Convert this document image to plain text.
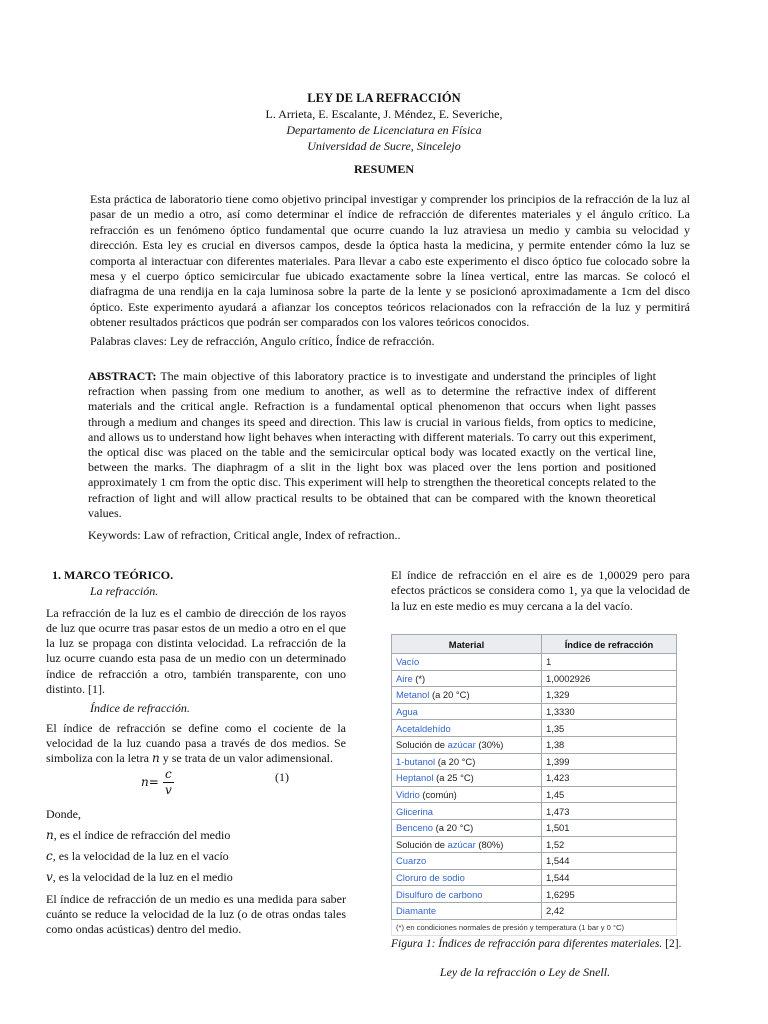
LEY DE LA REFRACCIÓN
L. Arrieta, E. Escalante, J. Méndez, E. Severiche,
Departamento de Licenciatura en Física
Universidad de Sucre, Sincelejo
RESUMEN
Esta práctica de laboratorio tiene como objetivo principal investigar y comprender los principios de la refracción de la luz al pasar de un medio a otro, así como determinar el índice de refracción de diferentes materiales y el ángulo crítico. La refracción es un fenómeno óptico fundamental que ocurre cuando la luz atraviesa un medio y cambia su velocidad y dirección. Esta ley es crucial en diversos campos, desde la óptica hasta la medicina, y permite entender cómo la luz se comporta al interactuar con diferentes materiales. Para llevar a cabo este experimento el disco óptico fue colocado sobre la mesa y el cuerpo óptico semicircular fue ubicado exactamente sobre la línea vertical, entre las marcas. Se colocó el diafragma de una rendija en la caja luminosa sobre la parte de la lente y se posicionó aproximadamente a 1cm del disco óptico. Este experimento ayudará a afianzar los conceptos teóricos relacionados con la refracción de la luz y permitirá obtener resultados prácticos que podrán ser comparados con los valores teóricos conocidos.
Palabras claves: Ley de refracción, Angulo crítico, Índice de refracción.
ABSTRACT: The main objective of this laboratory practice is to investigate and understand the principles of light refraction when passing from one medium to another, as well as to determine the refractive index of different materials and the critical angle. Refraction is a fundamental optical phenomenon that occurs when light passes through a medium and changes its speed and direction. This law is crucial in various fields, from optics to medicine, and allows us to understand how light behaves when interacting with different materials. To carry out this experiment, the optical disc was placed on the table and the semicircular optical body was located exactly on the vertical line, between the marks. The diaphragm of a slit in the light box was placed over the lens portion and positioned approximately 1 cm from the optic disc. This experiment will help to strengthen the theoretical concepts related to the refraction of light and will allow practical results to be obtained that can be compared with the known theoretical values.
Keywords: Law of refraction, Critical angle, Index of refraction..
1. MARCO TEÓRICO.
La refracción.

La refracción de la luz es el cambio de dirección de los rayos de luz que ocurre tras pasar estos de un medio a otro en el que la luz se propaga con distinta velocidad. La refracción de la luz ocurre cuando esta pasa de un medio con un determinado índice de refracción a otro, también transparente, con uno distinto. [1].

Índice de refracción.

El índice de refracción se define como el cociente de la velocidad de la luz cuando pasa a través de dos medios. Se simboliza con la letra n y se trata de un valor adimensional.

$n= \frac{c}{v}$	(1)
Donde,
n, es el índice de refracción del medio
c, es la velocidad de la luz en el vacío
v, es la velocidad de la luz en el medio

El índice de refracción de un medio es una medida para saber cuánto se reduce la velocidad de la luz (o de otras ondas tales como ondas acústicas) dentro del medio.

El índice de refracción en el aire es de 1,00029 pero para efectos prácticos se considera como 1, ya que la velocidad de la luz en este medio es muy cercana a la del vacío.

Material	Índice de refracción
Vacío	1
Aire (*)	1,0002926
Metanol (a 20 °C)	1,329
Agua	1,3330
Acetaldehído	1,35
Solución de azúcar (30%)	1,38
1-butanol (a 20 °C)	1,399
Heptanol (a 25 °C)	1,423
Vidrio (común)	1,45
Glicerina	1,473
Benceno (a 20 °C)	1,501
Solución de azúcar (80%)	1,52
Cuarzo	1,544
Cloruro de sodio	1,544
Disulfuro de carbono	1,6295
Diamante	2,42
(*) en condiciones normales de presión y temperatura (1 bar y 0 °C)
Figura 1: Índices de refracción para diferentes materiales. [2].
Ley de la refracción o Ley de Snell.
